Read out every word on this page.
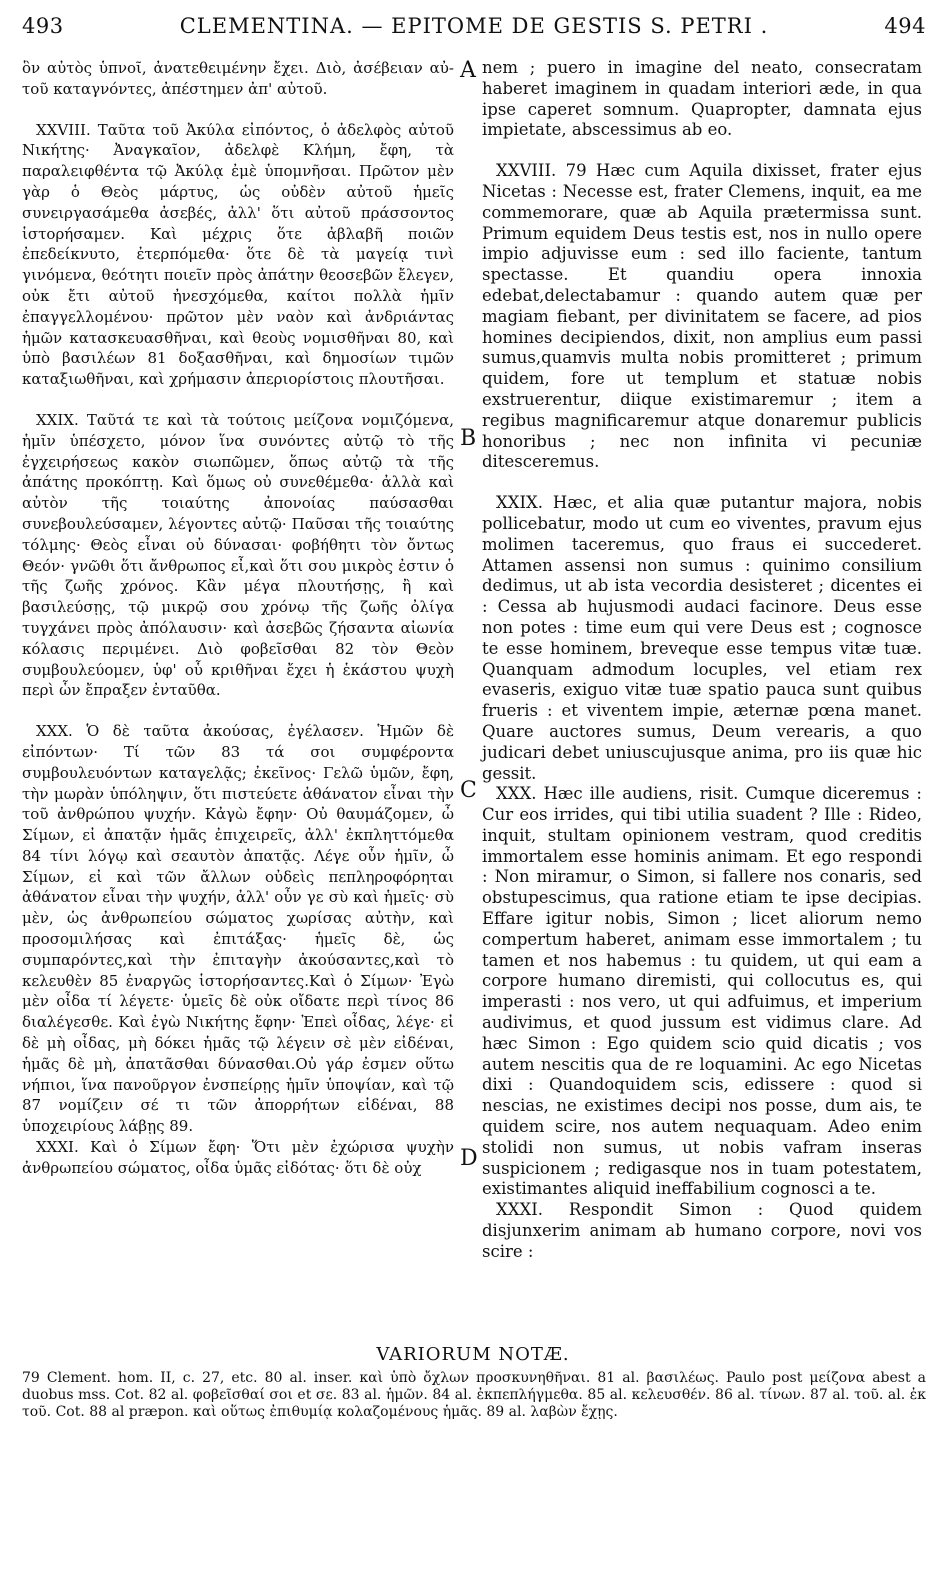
493	CLEMENTINA. — EPITOME DE GESTIS S. PETRI .	494

ὃν αὐτὸς ὑπνοῖ, ἀνατεθειμένην ἔχει. Διὸ, ἀσέβειαν αὐ-τοῦ καταγνόντες, ἀπέστημεν ἀπ' αὐτοῦ.

XXVIII. Ταῦτα τοῦ Ἀκύλα εἰπόντος, ὁ ἀδελφὸς αὐτοῦ Νικήτης· Ἀναγκαῖον, ἀδελφὲ Κλήμη, ἔφη, τὰ παραλειφθέντα τῷ Ἀκύλᾳ ἐμὲ ὑπομνῆσαι. Πρῶτον μὲν γὰρ ὁ Θεὸς μάρτυς, ὡς οὐδὲν αὐτοῦ ἡμεῖς συνειργασάμεθα ἀσεβές, ἀλλ' ὅτι αὐτοῦ πράσσοντος ἱστορήσαμεν. Καὶ μέχρις ὅτε ἀβλαβῆ ποιῶν ἐπεδείκνυτο, ἐτερπόμεθα· ὅτε δὲ τὰ μαγείᾳ τινὶ γινόμενα, θεότητι ποιεῖν πρὸς ἀπάτην θεοσεβῶν ἔλεγεν, οὐκ ἔτι αὐτοῦ ἠνεσχόμεθα, καίτοι πολλὰ ἡμῖν ἐπαγγελλομένου· πρῶτον μὲν ναὸν καὶ ἀνδριάντας ἡμῶν κατασκευασθῆναι, καὶ θεοὺς νομισθῆναι 80, καὶ ὑπὸ βασιλέων 81 δοξασθῆναι, καὶ δημοσίων τιμῶν καταξιωθῆναι, καὶ χρήμασιν ἀπεριορίστοις πλουτῆσαι.

XXIX. Ταῦτά τε καὶ τὰ τούτοις μείζονα νομιζόμενα, ἡμῖν ὑπέσχετο, μόνον ἵνα συνόντες αὐτῷ τὸ τῆς ἐγχειρήσεως κακὸν σιωπῶμεν, ὅπως αὐτῷ τὰ τῆς ἀπάτης προκόπτῃ. Καὶ ὅμως οὐ συνεθέμεθα· ἀλλὰ καὶ αὐτὸν τῆς τοιαύτης ἀπονοίας παύσασθαι συνεβουλεύσαμεν, λέγοντες αὐτῷ· Παῦσαι τῆς τοιαύτης τόλμης· Θεὸς εἶναι οὐ δύνασαι· φοβήθητι τὸν ὄντως Θεόν· γνῶθι ὅτι ἄνθρωπος εἶ,καὶ ὅτι σου μικρὸς ἐστιν ὁ τῆς ζωῆς χρόνος. Κἂν μέγα πλουτήσῃς, ἢ καὶ βασιλεύσῃς, τῷ μικρῷ σου χρόνῳ τῆς ζωῆς ὀλίγα τυγχάνει πρὸς ἀπόλαυσιν· καὶ ἀσεβῶς ζήσαντα αἰωνία κόλασις περιμένει. Διὸ φοβεῖσθαι 82 τὸν Θεὸν συμβουλεύομεν, ὑφ' οὗ κριθῆναι ἔχει ἡ ἑκάστου ψυχὴ περὶ ὧν ἔπραξεν ἐνταῦθα.

XXX. Ὁ δὲ ταῦτα ἀκούσας, ἐγέλασεν. Ἡμῶν δὲ εἰπόντων· Τί τῶν 83 τά σοι συμφέροντα συμβουλευόντων καταγελᾷς; ἐκεῖνος· Γελῶ ὑμῶν, ἔφη, τὴν μωρὰν ὑπόληψιν, ὅτι πιστεύετε ἀθάνατον εἶναι τὴν τοῦ ἀνθρώπου ψυχήν. Κἀγὼ ἔφην· Οὐ θαυμάζομεν, ὦ Σίμων, εἰ ἀπατᾷν ἡμᾶς ἐπιχειρεῖς, ἀλλ' ἐκπληττόμεθα 84 τίνι λόγῳ καὶ σεαυτὸν ἀπατᾷς. Λέγε οὖν ἡμῖν, ὦ Σίμων, εἰ καὶ τῶν ἄλλων οὐδεὶς πεπληροφόρηται ἀθάνατον εἶναι τὴν ψυχήν, ἀλλ' οὖν γε σὺ καὶ ἡμεῖς· σὺ μὲν, ὡς ἀνθρωπείου σώματος χωρίσας αὐτὴν, καὶ προσομιλήσας καὶ ἐπιτάξας· ἡμεῖς δὲ, ὡς συμπαρόντες,καὶ τὴν ἐπιταγὴν ἀκούσαντες,καὶ τὸ κελευθὲν 85 ἐναργῶς ἱστορήσαντες.Καὶ ὁ Σίμων· Ἐγὼ μὲν οἶδα τί λέγετε· ὑμεῖς δὲ οὐκ οἴδατε περὶ τίνος 86 διαλέγεσθε. Καὶ ἐγὼ Νικήτης ἔφην· Ἐπεὶ οἶδας, λέγε· εἰ δὲ μὴ οἶδας, μὴ δόκει ἡμᾶς τῷ λέγειν σὲ μὲν εἰδέναι, ἡμᾶς δὲ μὴ, ἀπατᾶσθαι δύνασθαι.Οὐ γάρ ἐσμεν οὕτω νήπιοι, ἵνα πανοῦργον ἐνσπείρῃς ἡμῖν ὑποψίαν, καὶ τῷ 87 νομίζειν σέ τι τῶν ἀπορρήτων εἰδέναι, 88 ὑποχειρίους λάβῃς 89.

XXXI. Καὶ ὁ Σίμων ἔφη· Ὅτι μὲν ἐχώρισα ψυχὴν ἀνθρωπείου σώματος, οἶδα ὑμᾶς εἰδότας· ὅτι δὲ οὐχ

A
B
C
D

nem ; puero in imagine del neato, consecratam haberet imaginem in quadam interiori æde, in qua ipse caperet somnum. Quapropter, damnata ejus impietate, abscessimus ab eo.

XXVIII. 79 Hæc cum Aquila dixisset, frater ejus Nicetas : Necesse est, frater Clemens, inquit, ea me commemorare, quæ ab Aquila prætermissa sunt. Primum equidem Deus testis est, nos in nullo opere impio adjuvisse eum : sed illo faciente, tantum spectasse. Et quandiu opera innoxia edebat,delectabamur : quando autem quæ per magiam fiebant, per divinitatem se facere, ad pios homines decipiendos, dixit, non amplius eum passi sumus,quamvis multa nobis promitteret ; primum quidem, fore ut templum et statuæ nobis exstruerentur, diique existimaremur ; item a regibus magnificaremur atque donaremur publicis honoribus ; nec non infinita vi pecuniæ ditesceremus.

XXIX. Hæc, et alia quæ putantur majora, nobis pollicebatur, modo ut cum eo viventes, pravum ejus molimen taceremus, quo fraus ei succederet. Attamen assensi non sumus : quinimo consilium dedimus, ut ab ista vecordia desisteret ; dicentes ei : Cessa ab hujusmodi audaci facinore. Deus esse non potes : time eum qui vere Deus est ; cognosce te esse hominem, breveque esse tempus vitæ tuæ. Quanquam admodum locuples, vel etiam rex evaseris, exiguo vitæ tuæ spatio pauca sunt quibus frueris : et viventem impie, æternæ pœna manet. Quare auctores sumus, Deum verearis, a quo judicari debet uniuscujusque anima, pro iis quæ hic gessit.

XXX. Hæc ille audiens, risit. Cumque diceremus : Cur eos irrides, qui tibi utilia suadent ? Ille : Rideo, inquit, stultam opinionem vestram, quod creditis immortalem esse hominis animam. Et ego respondi : Non miramur, o Simon, si fallere nos conaris, sed obstupescimus, qua ratione etiam te ipse decipias. Effare igitur nobis, Simon ; licet aliorum nemo compertum haberet, animam esse immortalem ; tu tamen et nos habemus : tu quidem, ut qui eam a corpore humano diremisti, qui collocutus es, qui imperasti : nos vero, ut qui adfuimus, et imperium audivimus, et quod jussum est vidimus clare. Ad hæc Simon : Ego quidem scio quid dicatis ; vos autem nescitis qua de re loquamini. Ac ego Nicetas dixi : Quandoquidem scis, edissere : quod si nescias, ne existimes decipi nos posse, dum ais, te quidem scire, nos autem nequaquam. Adeo enim stolidi non sumus, ut nobis vafram inseras suspicionem ; redigasque nos in tuam potestatem, existimantes aliquid ineffabilium cognosci a te.

XXXI. Respondit Simon : Quod quidem disjunxerim animam ab humano corpore, novi vos scire :

VARIORUM NOTÆ.
79 Clement. hom. II, c. 27, etc. 80 al. inser. καὶ ὑπὸ ὄχλων προσκυνηθῆναι. 81 al. βασιλέως. Paulo post μείζονα abest a duobus mss. Cot. 82 al. φοβεῖσθαί σοι et σε. 83 al. ἡμῶν. 84 al. ἐκπεπλήγμεθα. 85 al. κελευσθέν. 86 al. τίνων. 87 al. τοῦ. al. ἐκ τοῦ. Cot. 88 al præpon. καὶ οὕτως ἐπιθυμίᾳ κολαζομένους ἡμᾶς. 89 al. λαβὼν ἔχῃς.
